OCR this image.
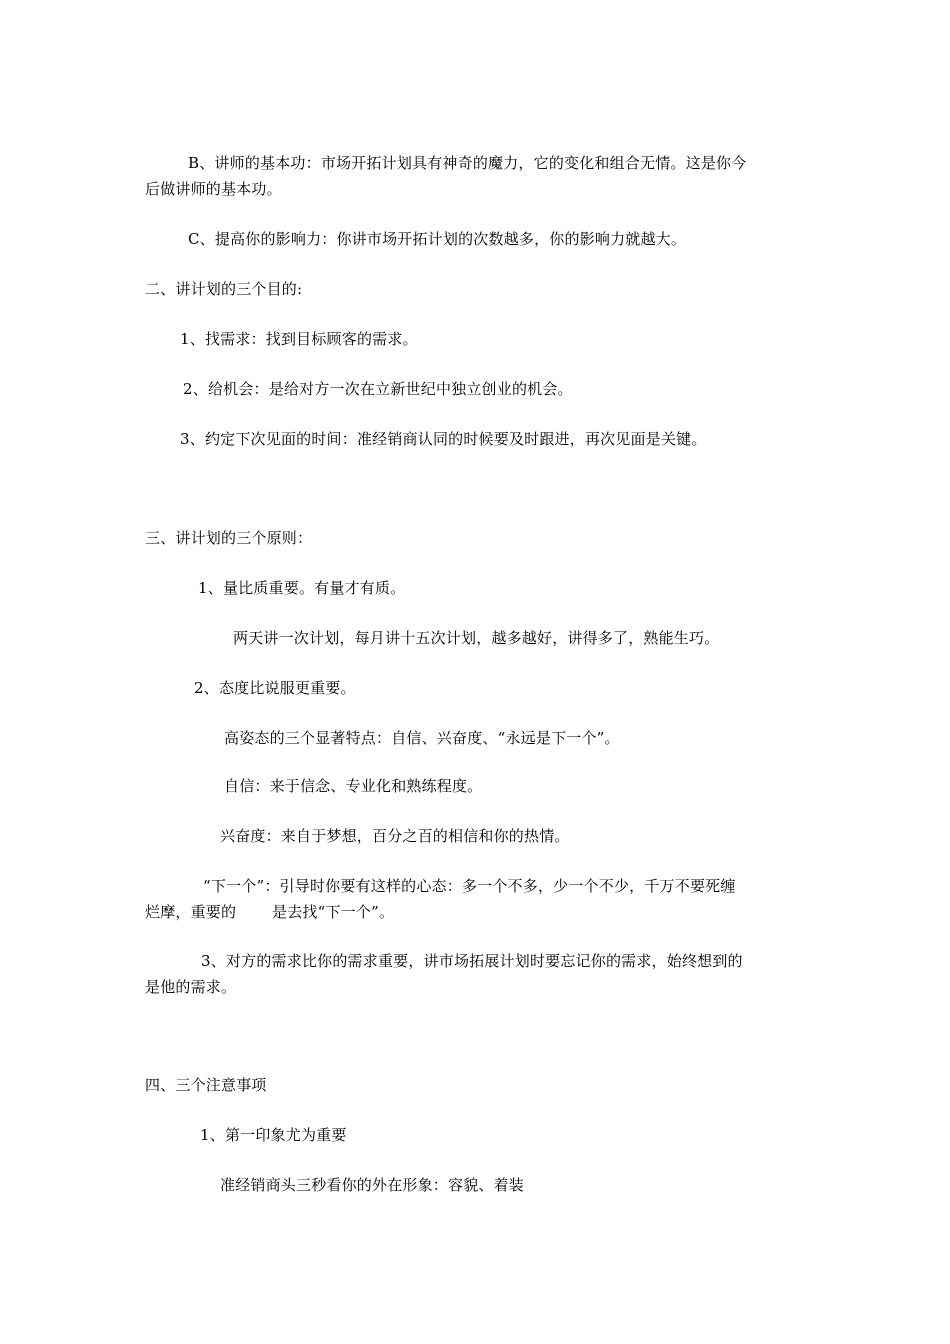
B、讲师的基本功：市场开拓计划具有神奇的魔力，它的变化和组合无情。这是你今
后做讲师的基本功。
C、提高你的影响力：你讲市场开拓计划的次数越多，你的影响力就越大。
二、讲计划的三个目的:
1、找需求：找到目标顾客的需求。
2、给机会：是给对方一次在立新世纪中独立创业的机会。
3、约定下次见面的时间：准经销商认同的时候要及时跟进，再次见面是关键。
三、讲计划的三个原则：
1、量比质重要。有量才有质。
两天讲一次计划，每月讲十五次计划，越多越好，讲得多了，熟能生巧。
2、态度比说服更重要。
高姿态的三个显著特点：自信、兴奋度、“永远是下一个”。
自信：来于信念、专业化和熟练程度。
兴奋度：来自于梦想，百分之百的相信和你的热情。
“下一个”：引导时你要有这样的心态：多一个不多，少一个不少，千万不要死缠
烂摩，重要的 是去找“下一个”。
3、对方的需求比你的需求重要，讲市场拓展计划时要忘记你的需求，始终想到的
是他的需求。
四、三个注意事项
1、第一印象尤为重要
准经销商头三秒看你的外在形象：容貌、着装
